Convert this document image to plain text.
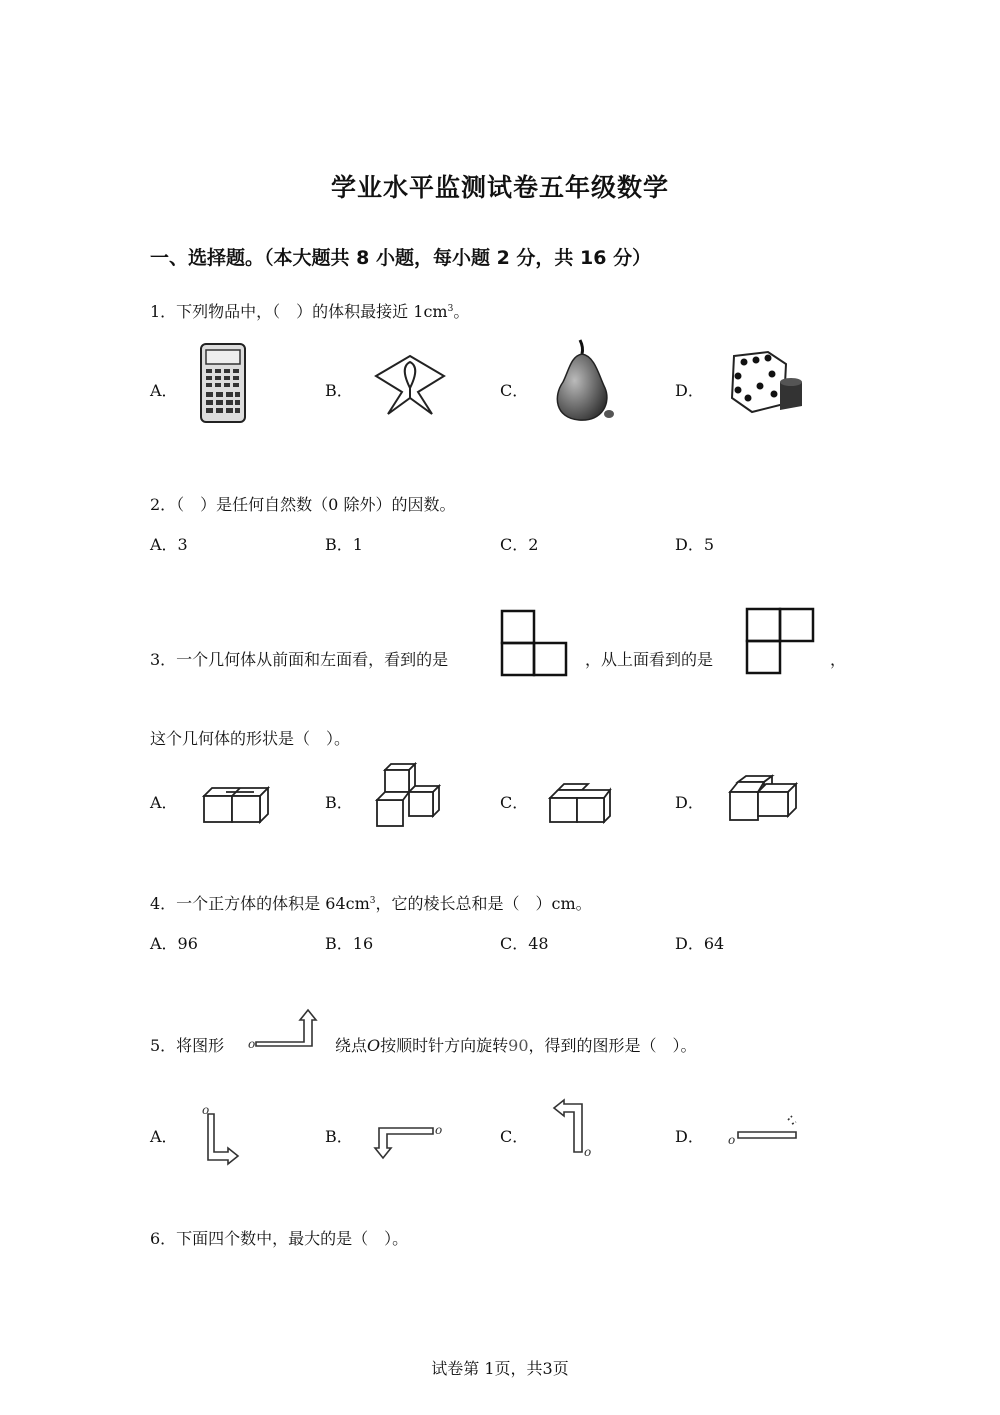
学业水平监测试卷五年级数学
一、选择题。（本大题共 8 小题，每小题 2 分，共 16 分）
1．下列物品中，（　）的体积最接近 $1cm^3$。
A．	B．	C．	D．
2．（　）是任何自然数（0 除外）的因数。
A．3	B．1	C．2	D．5
3．一个几何体从前面和左面看，看到的是	，从上面看到的是	，
这个几何体的形状是（　）。
A．	B．	C．	D．
4．一个正方体的体积是 $64cm^3$，它的棱长总和是（　）cm。
A．96	B．16	C．48	D．64
5．将图形 o	绕点O按顺时针方向旋转90，得到的图形是（　）。
A．	B．	C．	D．
o
o
o
o
6．下面四个数中，最大的是（　）。
试卷第 1页，共3页
